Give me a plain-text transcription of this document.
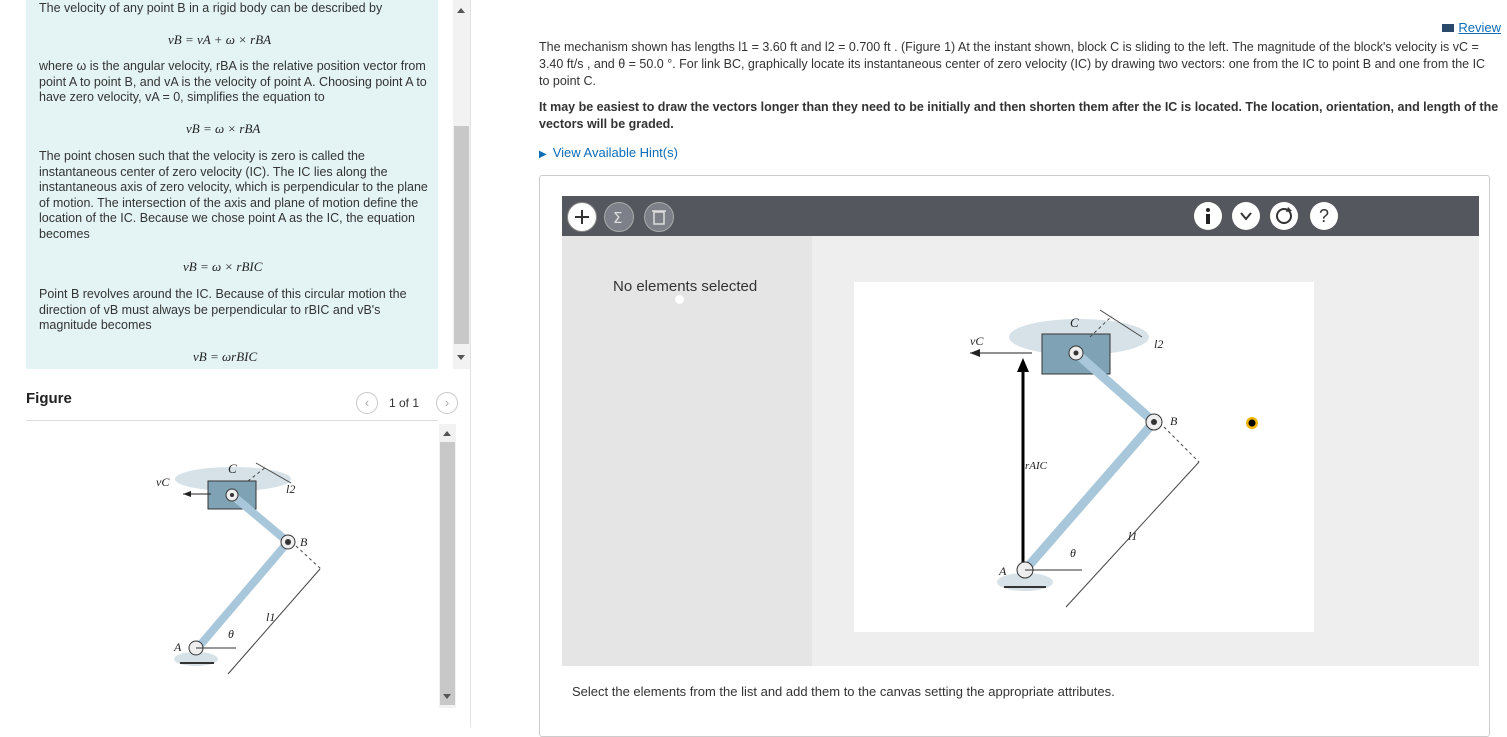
The velocity of any point B in a rigid body can be described by
vB = vA + ω × rBA
where ω is the angular velocity, rBA is the relative position vector from point A to point B, and vA is the velocity of point A. Choosing point A to have zero velocity, vA = 0, simplifies the equation to
vB = ω × rBA
The point chosen such that the velocity is zero is called the instantaneous center of zero velocity (IC). The IC lies along the instantaneous axis of zero velocity, which is perpendicular to the plane of motion. The intersection of the axis and plane of motion define the location of the IC. Because we chose point A as the IC, the equation becomes
vB = ω × rBIC
Point B revolves around the IC. Because of this circular motion the direction of vB must always be perpendicular to rBIC and vB's magnitude becomes
vB = ωrBIC
Figure	‹	1 of 1	›
vC
C
B
l2
l1
θ
A
Review
The mechanism shown has lengths l1 = 3.60 ft and l2 = 0.700 ft . (Figure 1) At the instant shown, block C is sliding to the left. The magnitude of the block's velocity is vC = 3.40 ft/s , and θ = 50.0 °. For link BC, graphically locate its instantaneous center of zero velocity (IC) by drawing two vectors: one from the IC to point B and one from the IC to point C.
It may be easiest to draw the vectors longer than they need to be initially and then shorten them after the IC is located. The location, orientation, and length of the vectors will be graded.
▶ View Available Hint(s)
Σ	?
No elements selected
vC
C
rAIC
B
l2
l1
θ
A
Select the elements from the list and add them to the canvas setting the appropriate attributes.
